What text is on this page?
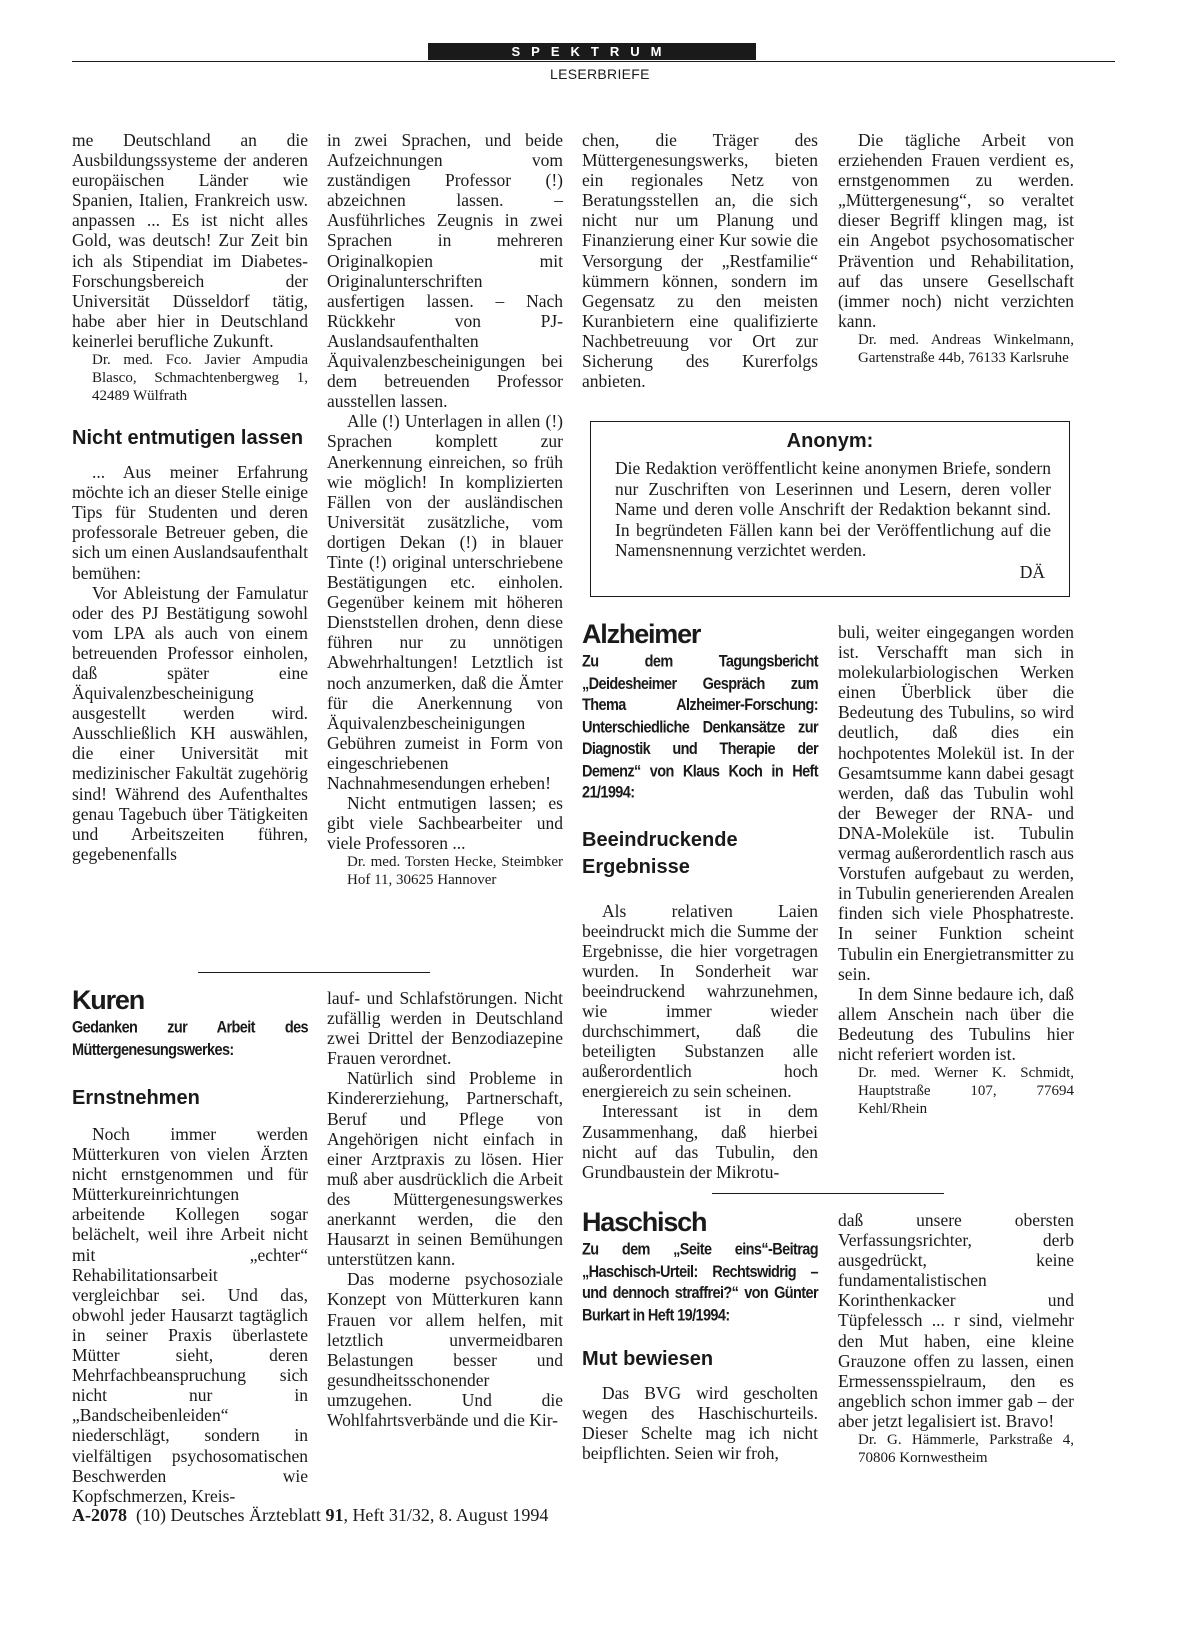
SPEKTRUM
LESERBRIEFE

me Deutschland an die Ausbildungssysteme der anderen europäischen Länder wie Spanien, Italien, Frankreich usw. anpassen ... Es ist nicht alles Gold, was deutsch! Zur Zeit bin ich als Stipendiat im Diabetes-Forschungsbereich der Universität Düsseldorf tätig, habe aber hier in Deutschland keinerlei berufliche Zukunft.

Dr. med. Fco. Javier Ampudia Blasco, Schmachtenbergweg 1, 42489 Wülfrath

Nicht entmutigen lassen

... Aus meiner Erfahrung möchte ich an dieser Stelle einige Tips für Studenten und deren professorale Betreuer geben, die sich um einen Auslandsaufenthalt bemühen:

Vor Ableistung der Famulatur oder des PJ Bestätigung sowohl vom LPA als auch von einem betreuenden Professor einholen, daß später eine Äquivalenzbescheinigung ausgestellt werden wird. Ausschließlich KH auswählen, die einer Universität mit medizinischer Fakultät zugehörig sind! Während des Aufenthaltes genau Tagebuch über Tätigkeiten und Arbeitszeiten führen, gegebenenfalls

in zwei Sprachen, und beide Aufzeichnungen vom zuständigen Professor (!) abzeichnen lassen. – Ausführliches Zeugnis in zwei Sprachen in mehreren Originalkopien mit Originalunterschriften ausfertigen lassen. – Nach Rückkehr von PJ-Auslandsaufenthalten Äquivalenzbescheinigungen bei dem betreuenden Professor ausstellen lassen.

Alle (!) Unterlagen in allen (!) Sprachen komplett zur Anerkennung einreichen, so früh wie möglich! In komplizierten Fällen von der ausländischen Universität zusätzliche, vom dortigen Dekan (!) in blauer Tinte (!) original unterschriebene Bestätigungen etc. einholen. Gegenüber keinem mit höheren Dienststellen drohen, denn diese führen nur zu unnötigen Abwehrhaltungen! Letztlich ist noch anzumerken, daß die Ämter für die Anerkennung von Äquivalenzbescheinigungen Gebühren zumeist in Form von eingeschriebenen Nachnahmesendungen erheben!

Nicht entmutigen lassen; es gibt viele Sachbearbeiter und viele Professoren ...

Dr. med. Torsten Hecke, Steimbker Hof 11, 30625 Hannover

chen, die Träger des Müttergenesungswerks, bieten ein regionales Netz von Beratungsstellen an, die sich nicht nur um Planung und Finanzierung einer Kur sowie die Versorgung der „Restfamilie“ kümmern können, sondern im Gegensatz zu den meisten Kuranbietern eine qualifizierte Nachbetreuung vor Ort zur Sicherung des Kurerfolgs anbieten.

Die tägliche Arbeit von erziehenden Frauen verdient es, ernstgenommen zu werden. „Müttergenesung“, so veraltet dieser Begriff klingen mag, ist ein Angebot psychosomatischer Prävention und Rehabilitation, auf das unsere Gesellschaft (immer noch) nicht verzichten kann.

Dr. med. Andreas Winkelmann, Gartenstraße 44b, 76133 Karlsruhe

Anonym:
Die Redaktion veröffentlicht keine anonymen Briefe, sondern nur Zuschriften von Leserinnen und Lesern, deren voller Name und deren volle Anschrift der Redaktion bekannt sind. In begründeten Fällen kann bei der Veröffentlichung auf die Namensnennung verzichtet werden.
DÄ
Kuren

Gedanken zur Arbeit des Müttergenesungswerkes:

Ernstnehmen

Noch immer werden Mütterkuren von vielen Ärzten nicht ernstgenommen und für Mütterkureinrichtungen arbeitende Kollegen sogar belächelt, weil ihre Arbeit nicht mit „echter“ Rehabilitationsarbeit vergleichbar sei. Und das, obwohl jeder Hausarzt tagtäglich in seiner Praxis überlastete Mütter sieht, deren Mehrfachbeanspruchung sich nicht nur in „Bandscheibenleiden“ niederschlägt, sondern in vielfältigen psychosomatischen Beschwerden wie Kopfschmerzen, Kreis-

lauf- und Schlafstörungen. Nicht zufällig werden in Deutschland zwei Drittel der Benzodiazepine Frauen verordnet.

Natürlich sind Probleme in Kindererziehung, Partnerschaft, Beruf und Pflege von Angehörigen nicht einfach in einer Arztpraxis zu lösen. Hier muß aber ausdrücklich die Arbeit des Müttergenesungswerkes anerkannt werden, die den Hausarzt in seinen Bemühungen unterstützen kann.

Das moderne psychosoziale Konzept von Mütterkuren kann Frauen vor allem helfen, mit letztlich unvermeidbaren Belastungen besser und gesundheitsschonender umzugehen. Und die Wohlfahrtsverbände und die Kir-

Alzheimer

Zu dem Tagungsbericht „Deidesheimer Gespräch zum Thema Alzheimer-Forschung: Unterschiedliche Denkansätze zur Diagnostik und Therapie der Demenz“ von Klaus Koch in Heft 21/1994:

Beeindruckende Ergebnisse

Als relativen Laien beeindruckt mich die Summe der Ergebnisse, die hier vorgetragen wurden. In Sonderheit war beeindruckend wahrzunehmen, wie immer wieder durchschimmert, daß die beteiligten Substanzen alle außerordentlich hoch energiereich zu sein scheinen.

Interessant ist in dem Zusammenhang, daß hierbei nicht auf das Tubulin, den Grundbaustein der Mikrotu-

buli, weiter eingegangen worden ist. Verschafft man sich in molekularbiologischen Werken einen Überblick über die Bedeutung des Tubulins, so wird deutlich, daß dies ein hochpotentes Molekül ist. In der Gesamtsumme kann dabei gesagt werden, daß das Tubulin wohl der Beweger der RNA- und DNA-Moleküle ist. Tubulin vermag außerordentlich rasch aus Vorstufen aufgebaut zu werden, in Tubulin generierenden Arealen finden sich viele Phosphatreste. In seiner Funktion scheint Tubulin ein Energietransmitter zu sein.

In dem Sinne bedaure ich, daß allem Anschein nach über die Bedeutung des Tubulins hier nicht referiert worden ist.

Dr. med. Werner K. Schmidt, Hauptstraße 107, 77694 Kehl/Rhein

Haschisch

Zu dem „Seite eins“-Beitrag „Haschisch-Urteil: Rechtswidrig – und dennoch straffrei?“ von Günter Burkart in Heft 19/1994:

Mut bewiesen

Das BVG wird gescholten wegen des Haschischurteils. Dieser Schelte mag ich nicht beipflichten. Seien wir froh,

daß unsere obersten Verfassungsrichter, derb ausgedrückt, keine fundamentalistischen Korinthenkacker und Tüpfelessch ... r sind, vielmehr den Mut haben, eine kleine Grauzone offen zu lassen, einen Ermessensspielraum, den es angeblich schon immer gab – der aber jetzt legalisiert ist. Bravo!

Dr. G. Hämmerle, Parkstraße 4, 70806 Kornwestheim

A-2078 (10) Deutsches Ärzteblatt 91, Heft 31/32, 8. August 1994
